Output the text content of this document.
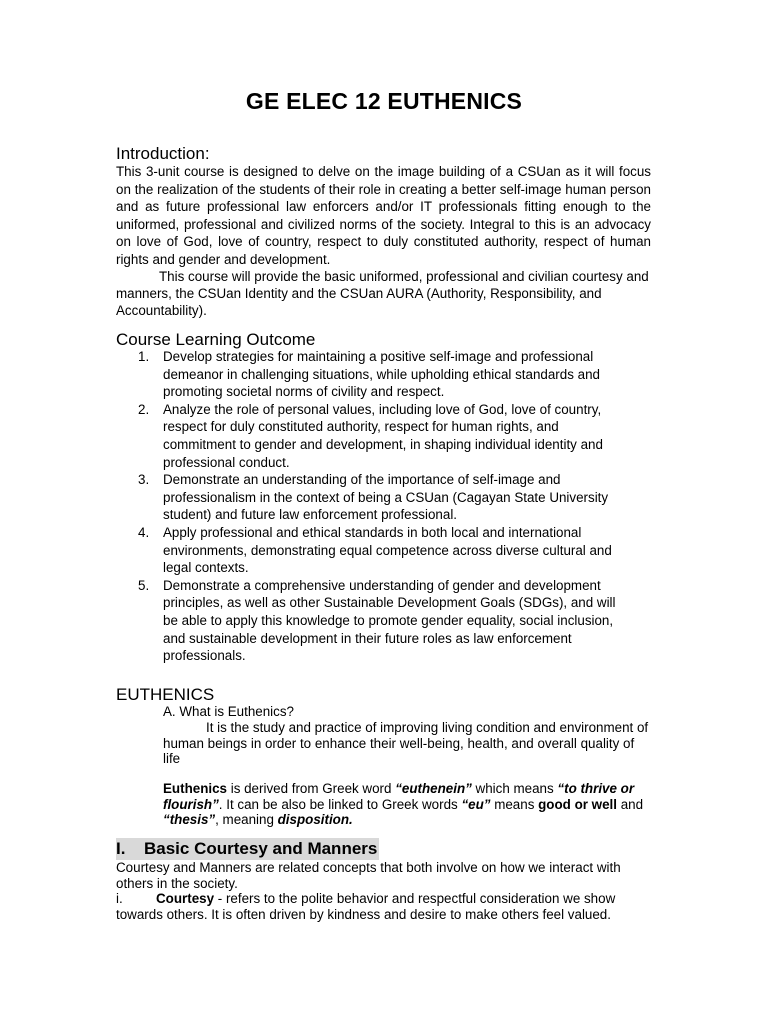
GE ELEC 12 EUTHENICS
Introduction:
This 3-unit course is designed to delve on the image building of a CSUan as it will focus on the realization of the students of their role in creating a better self-image human person and as future professional law enforcers and/or IT professionals fitting enough to the uniformed, professional and civilized norms of the society. Integral to this is an advocacy on love of God, love of country, respect to duly constituted authority, respect of human rights and gender and development.
This course will provide the basic uniformed, professional and civilian courtesy and manners, the CSUan Identity and the CSUan AURA (Authority, Responsibility, and Accountability).
Course Learning Outcome
1. Develop strategies for maintaining a positive self-image and professional demeanor in challenging situations, while upholding ethical standards and promoting societal norms of civility and respect.
2. Analyze the role of personal values, including love of God, love of country, respect for duly constituted authority, respect for human rights, and commitment to gender and development, in shaping individual identity and professional conduct.
3. Demonstrate an understanding of the importance of self-image and professionalism in the context of being a CSUan (Cagayan State University student) and future law enforcement professional.
4. Apply professional and ethical standards in both local and international environments, demonstrating equal competence across diverse cultural and legal contexts.
5. Demonstrate a comprehensive understanding of gender and development principles, as well as other Sustainable Development Goals (SDGs), and will be able to apply this knowledge to promote gender equality, social inclusion, and sustainable development in their future roles as law enforcement professionals.
EUTHENICS
A. What is Euthenics?
It is the study and practice of improving living condition and environment of human beings in order to enhance their well-being, health, and overall quality of life
Euthenics is derived from Greek word “euthenein” which means “to thrive or flourish”. It can be also be linked to Greek words “eu” means good or well and “thesis”, meaning disposition.
I. Basic Courtesy and Manners
Courtesy and Manners are related concepts that both involve on how we interact with others in the society.
i. Courtesy - refers to the polite behavior and respectful consideration we show towards others. It is often driven by kindness and desire to make others feel valued.
